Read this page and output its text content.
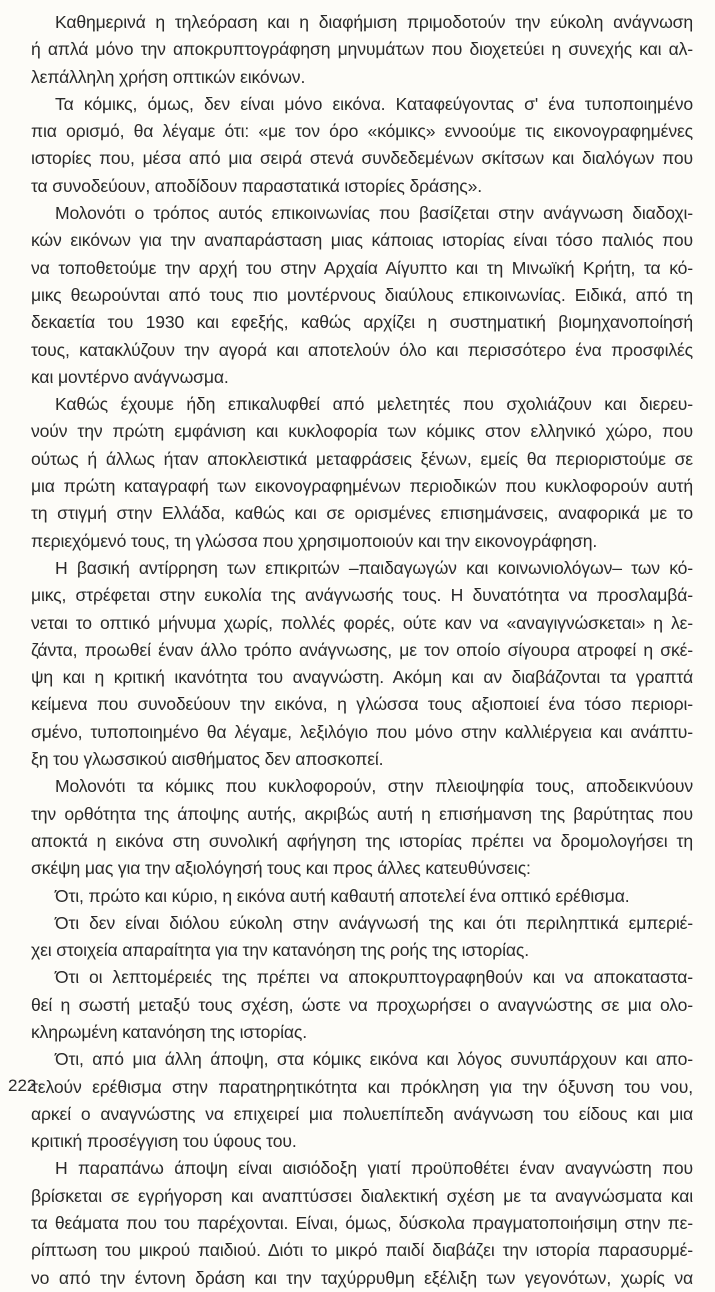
Καθημερινά η τηλεόραση και η διαφήμιση πριμοδοτούν την εύκολη ανάγνωση
ή απλά μόνο την αποκρυπτογράφηση μηνυμάτων που διοχετεύει η συνεχής και αλ-
λεπάλληλη χρήση οπτικών εικόνων.
Τα κόμικς, όμως, δεν είναι μόνο εικόνα. Καταφεύγοντας σ' ένα τυποποιημένο
πια ορισμό, θα λέγαμε ότι: «με τον όρο «κόμικς» εννοούμε τις εικονογραφημένες
ιστορίες που, μέσα από μια σειρά στενά συνδεδεμένων σκίτσων και διαλόγων που
τα συνοδεύουν, αποδίδουν παραστατικά ιστορίες δράσης».
Μολονότι ο τρόπος αυτός επικοινωνίας που βασίζεται στην ανάγνωση διαδοχι-
κών εικόνων για την αναπαράσταση μιας κάποιας ιστορίας είναι τόσο παλιός που
να τοποθετούμε την αρχή του στην Αρχαία Αίγυπτο και τη Μινωϊκή Κρήτη, τα κό-
μικς θεωρούνται από τους πιο μοντέρνους διαύλους επικοινωνίας. Ειδικά, από τη
δεκαετία του 1930 και εφεξής, καθώς αρχίζει η συστηματική βιομηχανοποίησή
τους, κατακλύζουν την αγορά και αποτελούν όλο και περισσότερο ένα προσφιλές
και μοντέρνο ανάγνωσμα.
Καθώς έχουμε ήδη επικαλυφθεί από μελετητές που σχολιάζουν και διερευ-
νούν την πρώτη εμφάνιση και κυκλοφορία των κόμικς στον ελληνικό χώρο, που
ούτως ή άλλως ήταν αποκλειστικά μεταφράσεις ξένων, εμείς θα περιοριστούμε σε
μια πρώτη καταγραφή των εικονογραφημένων περιοδικών που κυκλοφορούν αυτή
τη στιγμή στην Ελλάδα, καθώς και σε ορισμένες επισημάνσεις, αναφορικά με το
περιεχόμενό τους, τη γλώσσα που χρησιμοποιούν και την εικονογράφηση.
Η βασική αντίρρηση των επικριτών –παιδαγωγών και κοινωνιολόγων– των κό-
μικς, στρέφεται στην ευκολία της ανάγνωσής τους. Η δυνατότητα να προσλαμβά-
νεται το οπτικό μήνυμα χωρίς, πολλές φορές, ούτε καν να «αναγιγνώσκεται» η λε-
ζάντα, προωθεί έναν άλλο τρόπο ανάγνωσης, με τον οποίο σίγουρα ατροφεί η σκέ-
ψη και η κριτική ικανότητα του αναγνώστη. Ακόμη και αν διαβάζονται τα γραπτά
κείμενα που συνοδεύουν την εικόνα, η γλώσσα τους αξιοποιεί ένα τόσο περιορι-
σμένο, τυποποιημένο θα λέγαμε, λεξιλόγιο που μόνο στην καλλιέργεια και ανάπτυ-
ξη του γλωσσικού αισθήματος δεν αποσκοπεί.
Μολονότι τα κόμικς που κυκλοφορούν, στην πλειοψηφία τους, αποδεικνύουν
την ορθότητα της άποψης αυτής, ακριβώς αυτή η επισήμανση της βαρύτητας που
αποκτά η εικόνα στη συνολική αφήγηση της ιστορίας πρέπει να δρομολογήσει τη
σκέψη μας για την αξιολόγησή τους και προς άλλες κατευθύνσεις:
Ότι, πρώτο και κύριο, η εικόνα αυτή καθαυτή αποτελεί ένα οπτικό ερέθισμα.
Ότι δεν είναι διόλου εύκολη στην ανάγνωσή της και ότι περιληπτικά εμπεριέ-
χει στοιχεία απαραίτητα για την κατανόηση της ροής της ιστορίας.
Ότι οι λεπτομέρειές της πρέπει να αποκρυπτογραφηθούν και να αποκαταστα-
θεί η σωστή μεταξύ τους σχέση, ώστε να προχωρήσει ο αναγνώστης σε μια ολο-
κληρωμένη κατανόηση της ιστορίας.
Ότι, από μια άλλη άποψη, στα κόμικς εικόνα και λόγος συνυπάρχουν και απο-
τελούν ερέθισμα στην παρατηρητικότητα και πρόκληση για την όξυνση του νου,
αρκεί ο αναγνώστης να επιχειρεί μια πολυεπίπεδη ανάγνωση του είδους και μια
κριτική προσέγγιση του ύφους του.
Η παραπάνω άποψη είναι αισιόδοξη γιατί προϋποθέτει έναν αναγνώστη που
βρίσκεται σε εγρήγορση και αναπτύσσει διαλεκτική σχέση με τα αναγνώσματα και
τα θεάματα που του παρέχονται. Είναι, όμως, δύσκολα πραγματοποιήσιμη στην πε-
ρίπτωση του μικρού παιδιού. Διότι το μικρό παιδί διαβάζει την ιστορία παρασυρμέ-
νο από την έντονη δράση και την ταχύρρυθμη εξέλιξη των γεγονότων, χωρίς να
222
